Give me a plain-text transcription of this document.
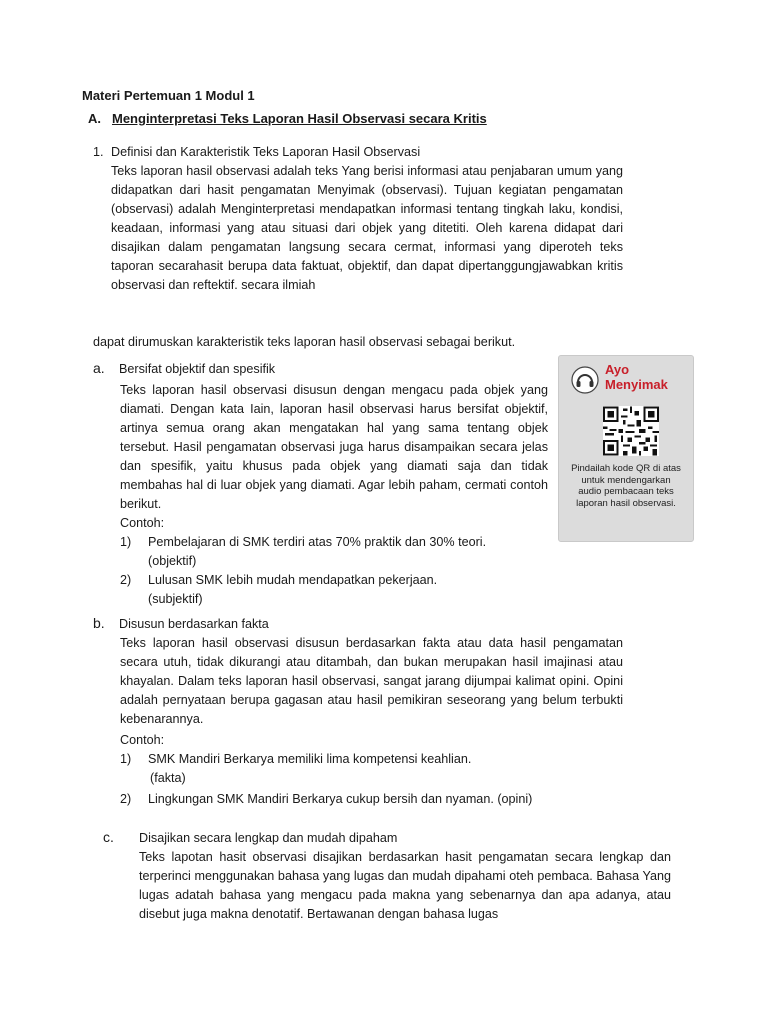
Materi Pertemuan 1 Modul 1
A. Menginterpretasi Teks Laporan Hasil Observasi secara Kritis
1. Definisi dan Karakteristik Teks Laporan Hasil Observasi
Teks laporan hasil observasi adalah teks Yang berisi informasi atau penjabaran umum yang didapatkan dari hasit pengamatan Menyimak (observasi). Tujuan kegiatan pengamatan (observasi) adalah Menginterpretasi mendapatkan informasi tentang tingkah laku, kondisi, keadaan, informasi yang atau situasi dari objek yang ditetiti. Oleh karena didapat dari disajikan dalam pengamatan langsung secara cermat, informasi yang diperoteh teks taporan secarahasit berupa data faktuat, objektif, dan dapat dipertanggungjawabkan kritis observasi dan reftektif. secara ilmiah
dapat dirumuskan karakteristik teks laporan hasil observasi sebagai berikut.
a. Bersifat objektif dan spesifik
Teks laporan hasil observasi disusun dengan mengacu pada objek yang diamati. Dengan kata Iain, laporan hasil observasi harus bersifat objektif, artinya semua orang akan mengatakan hal yang sama tentang objek tersebut. Hasil pengamatan observasi juga harus disampaikan secara jelas dan spesifik, yaitu khusus pada objek yang diamati saja dan tidak membahas hal di luar objek yang diamati. Agar lebih paham, cermati contoh berikut.
Contoh:
1) Pembelajaran di SMK terdiri atas 70% praktik dan 30% teori.
(objektif)
2) Lulusan SMK lebih mudah mendapatkan pekerjaan.
(subjektif)
Ayo
Menyimak
Pindailah kode QR di atas untuk mendengarkan audio pembacaan teks laporan hasil observasi.
b. Disusun berdasarkan fakta
Teks laporan hasil observasi disusun berdasarkan fakta atau data hasil pengamatan secara utuh, tidak dikurangi atau ditambah, dan bukan merupakan hasil imajinasi atau khayalan. Dalam teks laporan hasil observasi, sangat jarang dijumpai kalimat opini. Opini adalah pernyataan berupa gagasan atau hasil pemikiran seseorang yang belum terbukti kebenarannya.
Contoh:
1) SMK Mandiri Berkarya memiliki lima kompetensi keahlian.
(fakta)
2) Lingkungan SMK Mandiri Berkarya cukup bersih dan nyaman. (opini)
c. Disajikan secara lengkap dan mudah dipaham
Teks lapotan hasit observasi disajikan berdasarkan hasit pengamatan secara lengkap dan terperinci menggunakan bahasa yang lugas dan mudah dipahami oteh pembaca. Bahasa Yang lugas adatah bahasa yang mengacu pada makna yang sebenarnya dan apa adanya, atau disebut juga makna denotatif. Bertawanan dengan bahasa lugas
